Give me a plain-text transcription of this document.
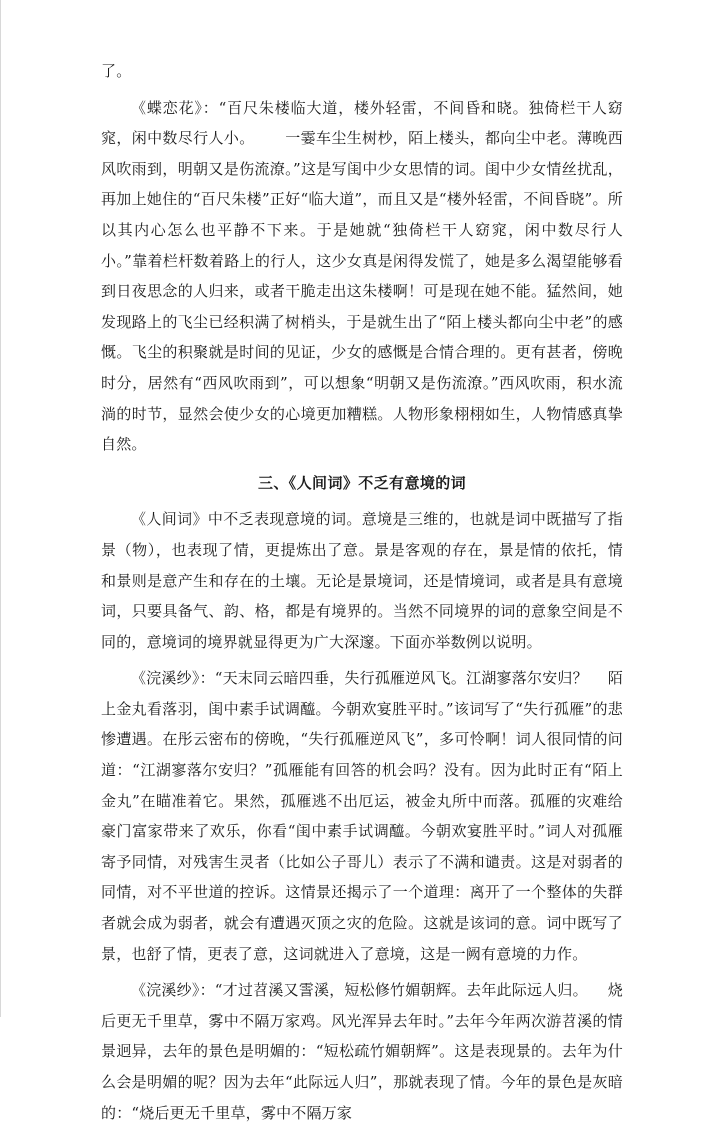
了。

《蝶恋花》：“百尺朱楼临大道，楼外轻雷，不间昏和晓。独倚栏干人窈窕，闲中数尽行人小。      一霎车尘生树杪，陌上楼头，都向尘中老。薄晚西风吹雨到，明朝又是伤流潦。”这是写闺中少女思情的词。闺中少女情丝扰乱，再加上她住的“百尺朱楼”正好“临大道”，而且又是“楼外轻雷，不间昏晓”。所以其内心怎么也平静不下来。于是她就“独倚栏干人窈窕，闲中数尽行人小。”靠着栏杆数着路上的行人，这少女真是闲得发慌了，她是多么渴望能够看到日夜思念的人归来，或者干脆走出这朱楼啊！可是现在她不能。猛然间，她发现路上的飞尘已经积满了树梢头，于是就生出了“陌上楼头都向尘中老”的感慨。飞尘的积聚就是时间的见证，少女的感慨是合情合理的。更有甚者，傍晚时分，居然有“西风吹雨到”，可以想象“明朝又是伤流潦。”西风吹雨，积水流淌的时节，显然会使少女的心境更加糟糕。人物形象栩栩如生，人物情感真挚自然。

三、《人间词》不乏有意境的词

《人间词》中不乏表现意境的词。意境是三维的，也就是词中既描写了指景（物），也表现了情，更提炼出了意。景是客观的存在，景是情的依托，情和景则是意产生和存在的土壤。无论是景境词，还是情境词，或者是具有意境词，只要具备气、韵、格，都是有境界的。当然不同境界的词的意象空间是不同的，意境词的境界就显得更为广大深邃。下面亦举数例以说明。

《浣溪纱》：“天末同云暗四垂，失行孤雁逆风飞。江湖寥落尔安归？    陌上金丸看落羽，闺中素手试调醯。今朝欢宴胜平时。”该词写了“失行孤雁”的悲惨遭遇。在彤云密布的傍晚，“失行孤雁逆风飞”，多可怜啊！词人很同情的问道：“江湖寥落尔安归？”孤雁能有回答的机会吗？没有。因为此时正有“陌上金丸”在瞄准着它。果然，孤雁逃不出厄运，被金丸所中而落。孤雁的灾难给豪门富家带来了欢乐，你看“闺中素手试调醯。今朝欢宴胜平时。”词人对孤雁寄予同情，对残害生灵者（比如公子哥儿）表示了不满和谴责。这是对弱者的同情，对不平世道的控诉。这情景还揭示了一个道理：离开了一个整体的失群者就会成为弱者，就会有遭遇灭顶之灾的危险。这就是该词的意。词中既写了景，也舒了情，更表了意，这词就进入了意境，这是一阙有意境的力作。

《浣溪纱》：“才过苕溪又霅溪，短松修竹媚朝辉。去年此际远人归。    烧后更无千里草，雾中不隔万家鸡。风光浑异去年时。”去年今年两次游苕溪的情景迥异，去年的景色是明媚的：“短松疏竹媚朝辉”。这是表现景的。去年为什么会是明媚的呢？因为去年“此际远人归”，那就表现了情。今年的景色是灰暗的：“烧后更无千里草，雾中不隔万家
